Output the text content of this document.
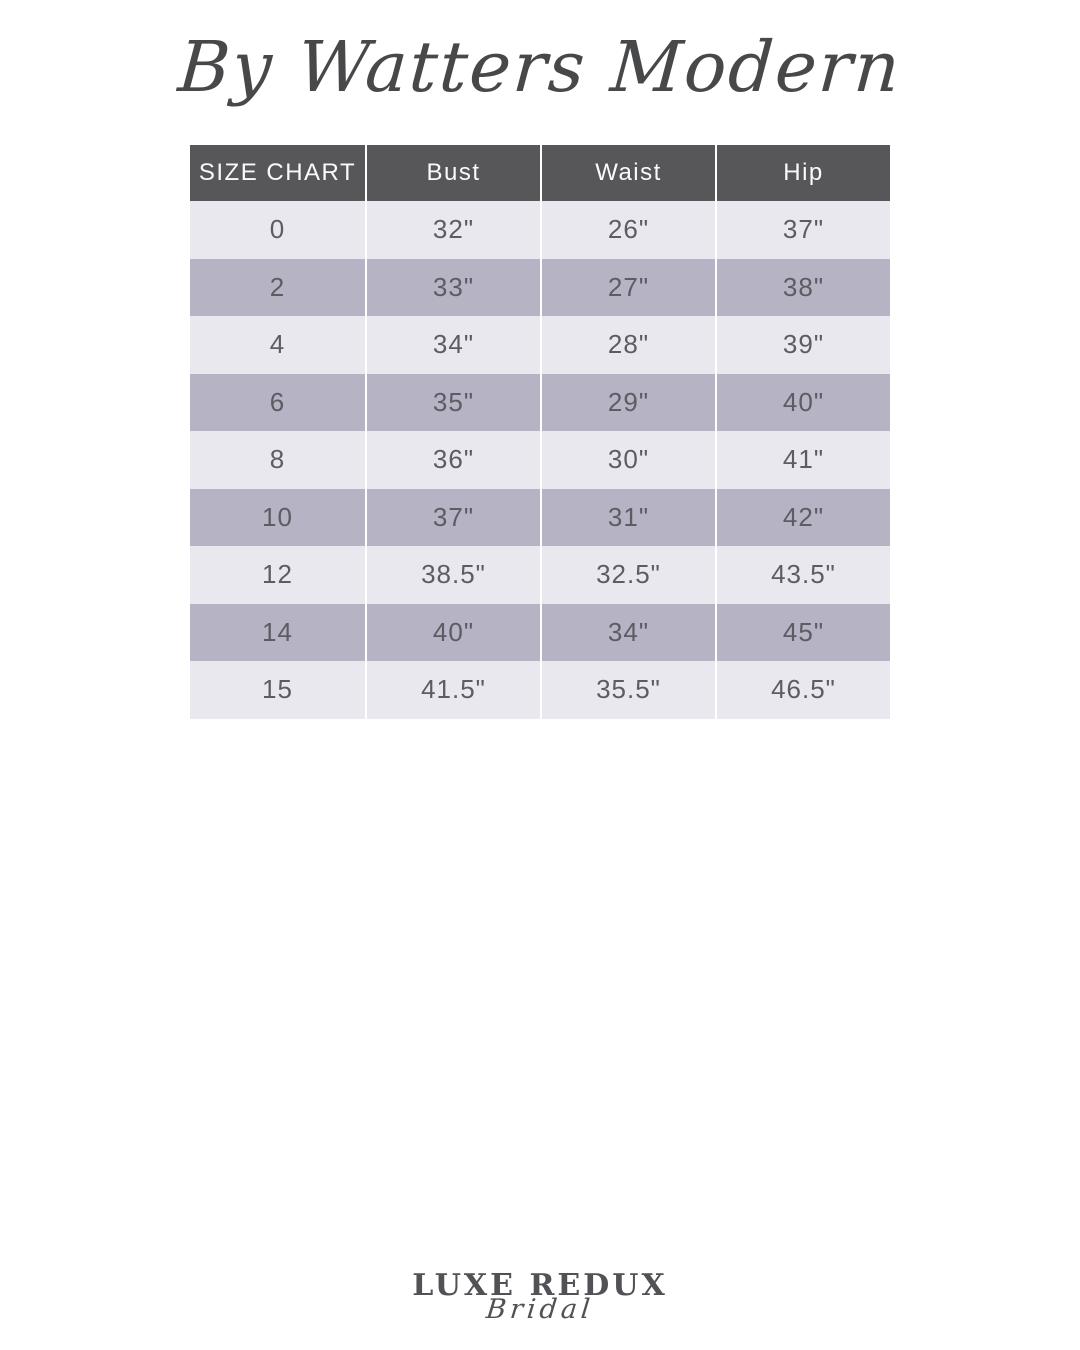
By Watters Modern
SIZE CHART	Bust	Waist	Hip
0	32"	26"	37"
2	33"	27"	38"
4	34"	28"	39"
6	35"	29"	40"
8	36"	30"	41"
10	37"	31"	42"
12	38.5"	32.5"	43.5"
14	40"	34"	45"
15	41.5"	35.5"	46.5"
LUXE REDUX
Bridal
